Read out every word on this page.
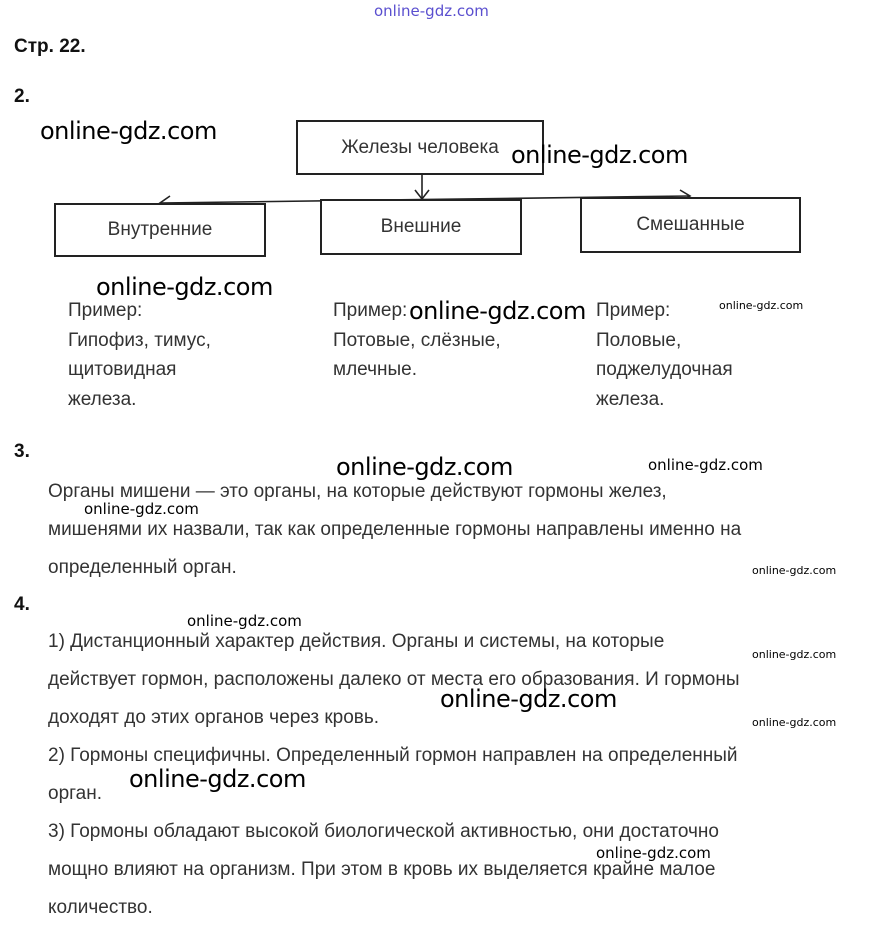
online-gdz.com
Стр. 22.
2.
Железы человека
Внутренние	Внешние	Смешанные
Пример:
Гипофиз, тимус,
щитовидная
железа.
Пример:
Потовые, слёзные,
млечные.
Пример:
Половые,
поджелудочная
железа.
3.
Органы мишени — это органы, на которые действуют гормоны желез,
мишенями их назвали, так как определенные гормоны направлены именно на
определенный орган.
4.
1) Дистанционный характер действия. Органы и системы, на которые
действует гормон, расположены далеко от места его образования. И гормоны
доходят до этих органов через кровь.
2) Гормоны специфичны. Определенный гормон направлен на определенный
орган.
3) Гормоны обладают высокой биологической активностью, они достаточно
мощно влияют на организм. При этом в кровь их выделяется крайне малое
количество.
online-gdz.com
online-gdz.com
online-gdz.com
online-gdz.com	online-gdz.com
online-gdz.com	online-gdz.com
online-gdz.com
online-gdz.com
online-gdz.com
online-gdz.com
online-gdz.com
online-gdz.com
online-gdz.com
online-gdz.com
